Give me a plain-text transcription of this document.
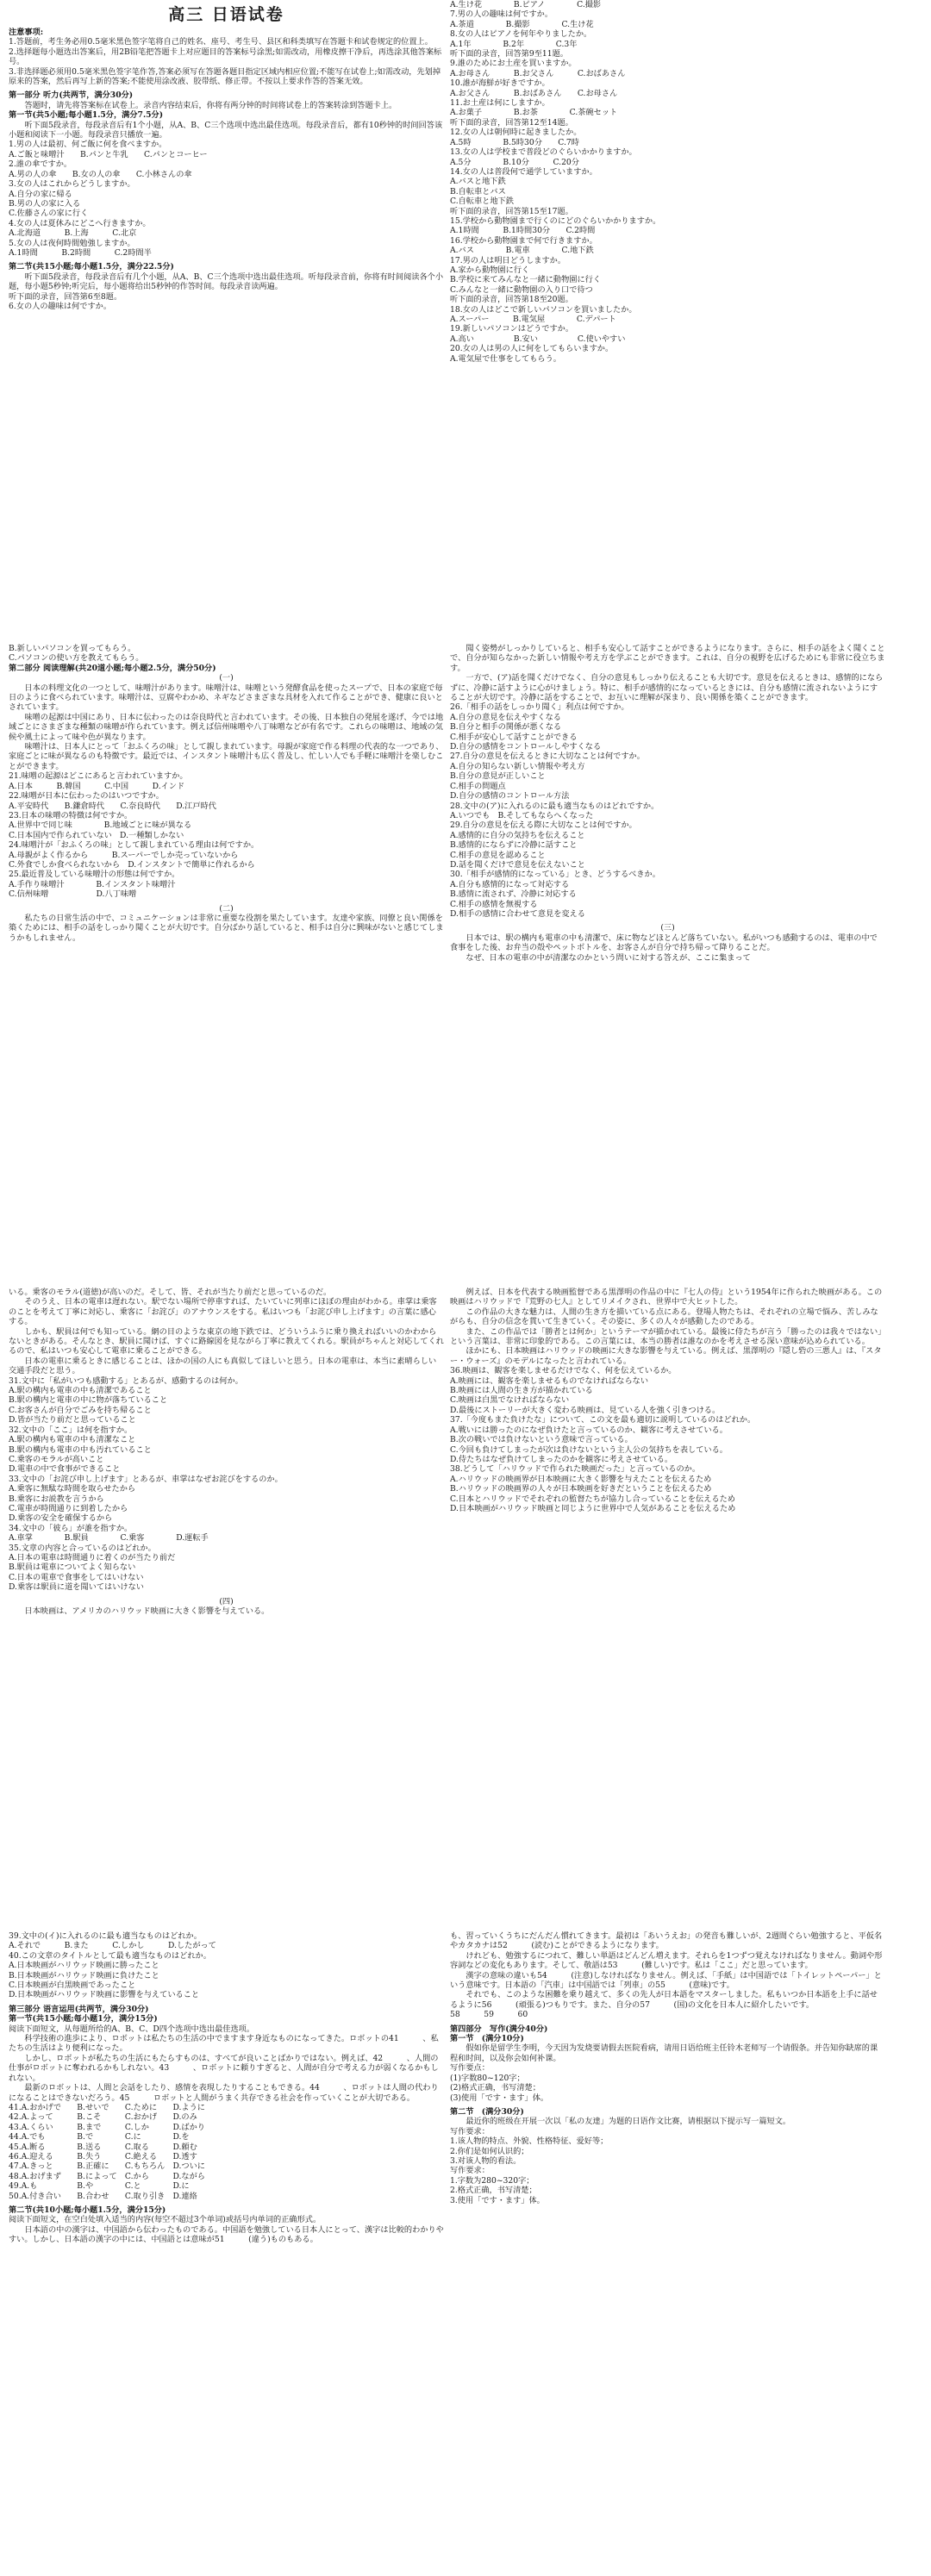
高三 日语试卷

注意事项:

1.答题前，考生务必用0.5毫米黑色签字笔将自己的姓名、座号、考生号、县区和科类填写在答题卡和试卷规定的位置上。

2.选择题每小题选出答案后，用2B铅笔把答题卡上对应题目的答案标号涂黑;如需改动，用橡皮擦干净后，再选涂其他答案标号。

3.非选择题必须用0.5毫米黑色签字笔作答,答案必须写在答题各题目指定区域内相应位置;不能写在试卷上;如需改动，先划掉原来的答案，然后再写上新的答案;不能使用涂改液、胶带纸、修正带。不按以上要求作答的答案无效。

第一部分 听力(共两节，满分30分)

答题时，请先将答案标在试卷上。录音内容结束后，你将有两分钟的时间将试卷上的答案转涂到答题卡上。

第一节(共5小题;每小题1.5分，满分7.5分)

听下面5段录音，每段录音后有1个小题，从A、B、C三个选项中选出最佳选项。每段录音后，都有10秒钟的时间回答该小题和阅读下一小题。每段录音只播放一遍。

1.男の人は最初、何ご飯に何を食べますか。

A.ご飯と味噌汁　　B.パンと牛乳　　C.パンとコーヒー

2.誰の傘ですか。

A.男の人の傘　　B.女の人の傘　　C.小林さんの傘

3.女の人はこれからどうしますか。

A.自分の家に帰る

B.男の人の家に入る

C.佐藤さんの家に行く

4.女の人は夏休みにどこへ行きますか。

A.北海道　　　B.上海　　　C.北京

5.女の人は夜何時間勉強しますか。

A.1時間　　　B.2時間　　　C.2時間半

第二节(共15小题;每小题1.5分，满分22.5分)

听下面5段录音，每段录音后有几个小题，从A、B、C三个选项中选出最佳选项。听每段录音前，你将有时间阅读各个小题，每小题5秒钟;听完后，每小题将给出5秒钟的作答时间。每段录音读两遍。

听下面的录音，回答第6至8题。

6.女の人の趣味は何ですか。

A.生け花　　　　B.ピアノ　　　　C.撮影

7.男の人の趣味は何ですか。

A.茶道　　　　B.撮影　　　　C.生け花

8.女の人はピアノを何年やりましたか。

A.1年　　　　B.2年　　　　C.3年

听下面的录音，回答第9至11题。

9.誰のためにお土産を買いますか。

A.お母さん　　　B.お父さん　　　C.おばあさん

10.誰が海鮮が好きですか。

A.お父さん　　　B.おばあさん　　C.お母さん

11.お土産は何にしますか。

A.お菓子　　　　B.お茶　　　　C.茶碗セット

听下面的录音，回答第12至14题。

12.女の人は朝何時に起きましたか。

A.5時　　　　B.5時30分　　C.7時

13.女の人は学校まで普段どのぐらいかかりますか。

A.5分　　　　B.10分　　　C.20分

14.女の人は普段何で通学していますか。

A.バスと地下鉄

B.自転車とバス

C.自転車と地下鉄

听下面的录音，回答第15至17题。

15.学校から動物園まで行くのにどのぐらいかかりますか。

A.1時間　　　B.1時間30分　　C.2時間

16.学校から動物園まで何で行きますか。

A.バス　　　　B.電車　　　　C.地下鉄

17.男の人は明日どうしますか。

A.家から動物園に行く

B.学校に来てみんなと一緒に動物園に行く

C.みんなと一緒に動物園の入り口で待つ

听下面的录音，回答第18至20题。

18.女の人はどこで新しいパソコンを買いましたか。

A.スーパー　　　B.電気屋　　　　C.デパート

19.新しいパソコンはどうですか。

A.高い　　　　　B.安い　　　　　C.使いやすい

20.女の人は男の人に何をしてもらいますか。

A.電気屋で仕事をしてもらう。

B.新しいパソコンを買ってもらう。

C.パソコンの使い方を教えてもらう。

第二部分 阅读理解(共20道小题;每小题2.5分，满分50分)

(一)

日本の料理文化の一つとして、味噌汁があります。味噌汁は、味噌という発酵食品を使ったスープで、日本の家庭で毎日のように食べられています。味噌汁は、豆腐やわかめ、ネギなどさまざまな具材を入れて作ることができ、健康に良いとされています。

味噌の起源は中国にあり、日本に伝わったのは奈良時代と言われています。その後、日本独自の発展を遂げ、今では地域ごとにさまざまな種類の味噌が作られています。例えば信州味噌や八丁味噌などが有名です。これらの味噌は、地域の気候や風土によって味や色が異なります。

味噌汁は、日本人にとって「おふくろの味」として親しまれています。母親が家庭で作る料理の代表的な一つであり、家庭ごとに味が異なるのも特徴です。最近では、インスタント味噌汁も広く普及し、忙しい人でも手軽に味噌汁を楽しむことができます。

21.味噌の起源はどこにあると言われていますか。

A.日本　　　B.韓国　　　C.中国　　　D.インド

22.味噌が日本に伝わったのはいつですか。

A.平安時代　　B.鎌倉時代　　C.奈良時代　　D.江戸時代

23.日本の味噌の特徴は何ですか。

A.世界中で同じ味　　　　B.地域ごとに味が異なる

C.日本国内で作られていない　D.一種類しかない

24.味噌汁が「おふくろの味」として親しまれている理由は何ですか。

A.母親がよく作るから　　　B.スーパーでしか売っていないから

C.外食でしか食べられないから　D.インスタントで簡単に作れるから

25.最近普及している味噌汁の形態は何ですか。

A.手作り味噌汁　　　　B.インスタント味噌汁

C.信州味噌　　　　　　D.八丁味噌

(二)

私たちの日常生活の中で、コミュニケーションは非常に重要な役割を果たしています。友達や家族、同僚と良い関係を築くためには、相手の話をしっかり聞くことが大切です。自分ばかり話していると、相手は自分に興味がないと感じてしまうかもしれません。

聞く姿勢がしっかりしていると、相手も安心して話すことができるようになります。さらに、相手の話をよく聞くことで、自分が知らなかった新しい情報や考え方を学ぶことができます。これは、自分の視野を広げるためにも非常に役立ちます。

一方で、(ア)話を聞くだけでなく、自分の意見もしっかり伝えることも大切です。意見を伝えるときは、感情的にならずに、冷静に話すように心がけましょう。特に、相手が感情的になっているときには、自分も感情に流されないようにすることが大切です。冷静に話をすることで、お互いに理解が深まり、良い関係を築くことができます。

26.「相手の話をしっかり聞く」利点は何ですか。

A.自分の意見を伝えやすくなる

B.自分と相手の関係が悪くなる

C.相手が安心して話すことができる

D.自分の感情をコントロールしやすくなる

27.自分の意見を伝えるときに大切なことは何ですか。

A.自分の知らない新しい情報や考え方

B.自分の意見が正しいこと

C.相手の問題点

D.自分の感情のコントロール方法

28.文中の(ア)に入れるのに最も適当なものはどれですか。

A.いつでも　B.そしてもならへくなった

29.自分の意見を伝える際に大切なことは何ですか。

A.感情的に自分の気持ちを伝えること

B.感情的にならずに冷静に話すこと

C.相手の意見を認めること

D.話を聞くだけで意見を伝えないこと

30.「相手が感情的になっている」とき、どうするべきか。

A.自分も感情的になって対応する

B.感情に流されず、冷静に対応する

C.相手の感情を無視する

D.相手の感情に合わせて意見を変える

(三)

日本では、駅の構内も電車の中も清潔で、床に物などほとんど落ちていない。私がいつも感動するのは、電車の中で食事をした後、お弁当の殻やペットボトルを、お客さんが自分で持ち帰って降りることだ。

なぜ、日本の電車の中が清潔なのかという問いに対する答えが、ここに集まって

いる。乗客のモラル(道徳)が高いのだ。そして、皆、それが当たり前だと思っているのだ。

そのうえ、日本の電車は遅れない。駅でない場所で停車すれば、たいていに列車にほぼの理由がわかる。車掌は乗客のことを考えて丁寧に対応し、乗客に「お詫び」のアナウンスをする。私はいつも「お詫び申し上げます」の言葉に感心する。

しかも、駅員は何でも知っている。網の目のような東京の地下鉄では、どういうふうに乗り換えればいいのかわからないときがある。そんなとき、駅員に聞けば、すぐに路線図を見ながら丁寧に教えてくれる。駅員がちゃんと対応してくれるので、私はいつも安心して電車に乗ることができる。

日本の電車に乗るときに感じることは、ほかの国の人にも真似してほしいと思う。日本の電車は、本当に素晴らしい交通手段だと思う。

31.文中に「私がいつも感動する」とあるが、感動するのは何か。

A.駅の構内も電車の中も清潔であること

B.駅の構内と電車の中に物が落ちていること

C.お客さんが自分でごみを持ち帰ること

D.皆が当たり前だと思っていること

32.文中の「ここ」は何を指すか。

A.駅の構内も電車の中も清潔なこと

B.駅の構内も電車の中も汚れていること

C.乗客のモラルが高いこと

D.電車の中で食事ができること

33.文中の「お詫び申し上げます」とあるが、車掌はなぜお詫びをするのか。

A.乗客に無駄な時間を取らせたから

B.乗客にお説教を言うから

C.電車が時間通りに到着したから

D.乗客の安全を確保するから

34.文中の「彼ら」が誰を指すか。

A.車掌　　　　B.駅員　　　　C.乗客　　　　D.運転手

35.文章の内容と合っているのはどれか。

A.日本の電車は時間通りに着くのが当たり前だ

B.駅員は電車についてよく知らない

C.日本の電車で食事をしてはいけない

D.乗客は駅員に道を聞いてはいけない

(四)

日本映画は、アメリカのハリウッド映画に大きく影響を与えている。

例えば、日本を代表する映画監督である黒澤明の作品の中に『七人の侍』という1954年に作られた映画がある。この映画はハリウッドで『荒野の七人』としてリメイクされ、世界中で大ヒットした。

この作品の大きな魅力は、人間の生き方を描いている点にある。登場人物たちは、それぞれの立場で悩み、苦しみながらも、自分の信念を貫いて生きていく。その姿に、多くの人々が感動したのである。

また、この作品では「勝者とは何か」というテーマが描かれている。最後に侍たちが言う「勝ったのは我々ではない」という言葉は、非常に印象的である。この言葉には、本当の勝者は誰なのかを考えさせる深い意味が込められている。

ほかにも、日本映画はハリウッドの映画に大きな影響を与えている。例えば、黒澤明の『隠し砦の三悪人』は、『スター・ウォーズ』のモデルになったと言われている。

36.映画は、観客を楽しませるだけでなく、何を伝えているか。

A.映画には、観客を楽しませるものでなければならない

B.映画には人間の生き方が描かれている

C.映画は白黒でなければならない

D.最後にストーリーが大きく変わる映画は、見ている人を強く引きつける。

37.「今度もまた負けたな」について、この文を最も適切に説明しているのはどれか。

A.戦いには勝ったのになぜ負けたと言っているのか、観客に考えさせている。

B.次の戦いでは負けないという意味で言っている。

C.今回も負けてしまったが次は負けないという主人公の気持ちを表している。

D.侍たちはなぜ負けてしまったのかを観客に考えさせている。

38.どうして「ハリウッドで作られた映画だった」と言っているのか。

A.ハリウッドの映画界が日本映画に大きく影響を与えたことを伝えるため

B.ハリウッドの映画界の人々が日本映画を好きだということを伝えるため

C.日本とハリウッドでそれぞれの監督たちが協力し合っていることを伝えるため

D.日本映画がハリウッド映画と同じように世界中で人気があることを伝えるため

39.文中の(イ)に入れるのに最も適当なものはどれか。

A.それで　　　B.また　　　C.しかし　　　D.したがって

40.この文章のタイトルとして最も適当なものはどれか。

A.日本映画がハリウッド映画に勝ったこと

B.日本映画がハリウッド映画に負けたこと

C.日本映画が白黒映画であったこと

D.日本映画がハリウッド映画に影響を与えていること

第三部分 语言运用(共两节，满分30分)

第一节(共15小题;每小题1分，满分15分)

阅读下面短文，从每题所给的A、B、C、D四个选项中选出最佳选项。

科学技術の進歩により、ロボットは私たちの生活の中でますます身近なものになってきた。ロボットの41　　　、私たちの生活はより便利になった。

しかし、ロボットが私たちの生活にもたらすものは、すべてが良いことばかりではない。例えば、42　　　、人間の仕事がロボットに奪われるかもしれない。43　　　、ロボットに頼りすぎると、人間が自分で考える力が弱くなるかもしれない。

最新のロボットは、人間と会話をしたり、感情を表現したりすることもできる。44　　　、ロボットは人間の代わりになることはできないだろう。45　　　ロボットと人間がうまく共存できる社会を作っていくことが大切である。

41.A.おかげで　　B.せいで　　C.ために　　D.ように

42.A.よって　　　B.こそ　　　C.おかげ　　D.のみ

43.A.くらい　　　B.まで　　　C.しか　　　D.ばかり

44.A.でも　　　　B.で　　　　C.に　　　　D.を

45.A.断る　　　　B.送る　　　C.取る　　　D.頼む

46.A.迎える　　　B.失う　　　C.絶える　　D.透す

47.A.きっと　　　B.正確に　　C.もちろん　D.ついに

48.A.おげまず　　B.によって　C.から　　　D.ながら

49.A.も　　　　　B.や　　　　C.と　　　　D.に

50.A.付き合い　　B.合わせ　　C.取り引き　D.連絡

第二节(共10小题;每小题1.5分，满分15分)

阅读下面短文，在空白处填入适当的内容(每空不超过3个单词)或括号内单词的正确形式。

日本語の中の漢字は、中国語から伝わったものである。中国語を勉強している日本人にとって、漢字は比較的わかりやすい。しかし、日本語の漢字の中には、中国語とは意味が51　　　(違う)ものもある。

も、習っていくうちにだんだん慣れてきます。最初は「あいうえお」の発音も難しいが、2週間ぐらい勉強すると、平仮名やカタカナは52　　　(読む)ことができるようになります。

けれども、勉強するにつれて、難しい単語はどんどん増えます。それらを1つずつ覚えなければなりません。動詞や形容詞などの変化もあります。そして、敬語は53　　　(難しい)です。私は「ここ」だと思っています。

漢字の意味の違いも54　　　(注意)しなければなりません。例えば、「手紙」は中国語では「トイレットペーパー」という意味です。日本語の「汽車」は中国語では「列車」の55　　　(意味)です。

それでも、このような困難を乗り越えて、多くの先人が日本語をマスターしました。私もいつか日本語を上手に話せるように56　　　(頑張る)つもりです。また、自分の57　　　(国)の文化を日本人に紹介したいです。

58　　　59　　　60　　　

第四部分　写作(满分40分)

第一节　(满分10分)

假如你是留学生李明，今天因为发烧要请假去医院看病，请用日语给班主任铃木老师写一个请假条。并告知你缺席的课程和时间，以及你会如何补课。

写作要点：

(1)字数80~120字；

(2)格式正确，书写清楚；

(3)使用「です・ます」体。

第二节　(满分30分)

最近你的班级在开展一次以「私の友達」为题的日语作文比赛，请根据以下提示写一篇短文。

写作要求：

1.该人物的特点、外貌、性格特征、爱好等；

2.你们是如何认识的；

3.对该人物的看法。

写作要求：

1.字数为280~320字；

2.格式正确，书写清楚；

3.使用「です・ます」体。
